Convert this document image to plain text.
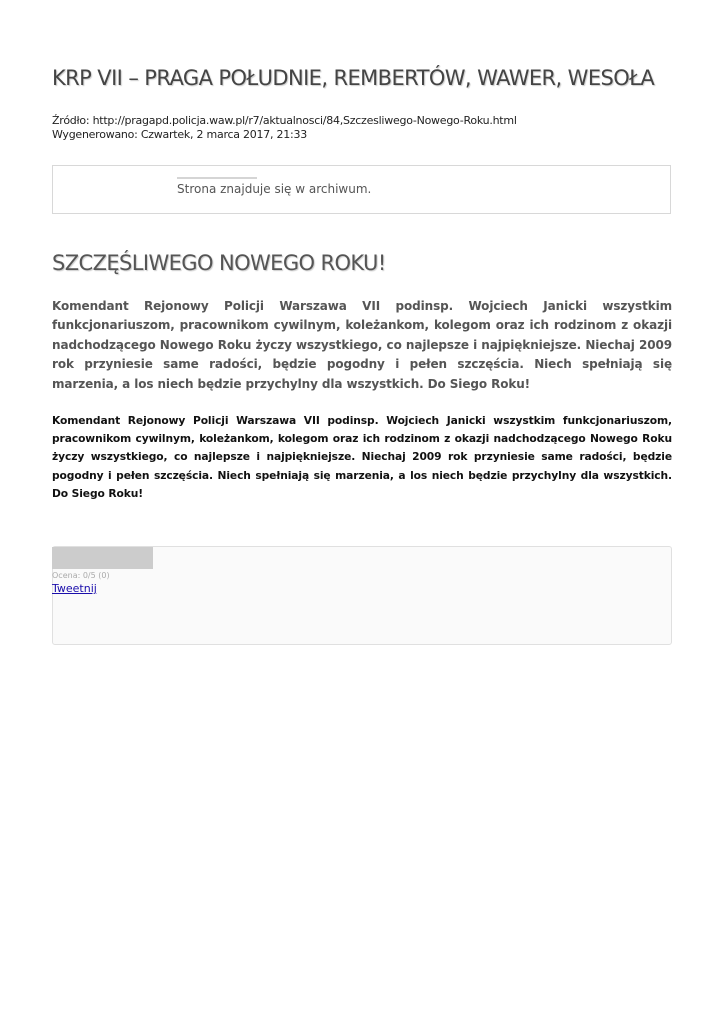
KRP VII – PRAGA POŁUDNIE, REMBERTÓW, WAWER, WESOŁA
Źródło: http://pragapd.policja.waw.pl/r7/aktualnosci/84,Szczesliwego-Nowego-Roku.html
Wygenerowano: Czwartek, 2 marca 2017, 21:33
Strona znajduje się w archiwum.
SZCZĘŚLIWEGO NOWEGO ROKU!

Komendant Rejonowy Policji Warszawa VII podinsp. Wojciech Janicki wszystkim funkcjonariuszom, pracownikom cywilnym, koleżankom, kolegom oraz ich rodzinom z okazji nadchodzącego Nowego Roku życzy wszystkiego, co najlepsze i najpiękniejsze. Niechaj 2009 rok przyniesie same radości, będzie pogodny i pełen szczęścia. Niech spełniają się marzenia, a los niech będzie przychylny dla wszystkich. Do Siego Roku!

Komendant Rejonowy Policji Warszawa VII podinsp. Wojciech Janicki wszystkim funkcjonariuszom, pracownikom cywilnym, koleżankom, kolegom oraz ich rodzinom z okazji nadchodzącego Nowego Roku życzy wszystkiego, co najlepsze i najpiękniejsze. Niechaj 2009 rok przyniesie same radości, będzie pogodny i pełen szczęścia. Niech spełniają się marzenia, a los niech będzie przychylny dla wszystkich. Do Siego Roku!

Ocena: 0/5 (0)
Tweetnij
